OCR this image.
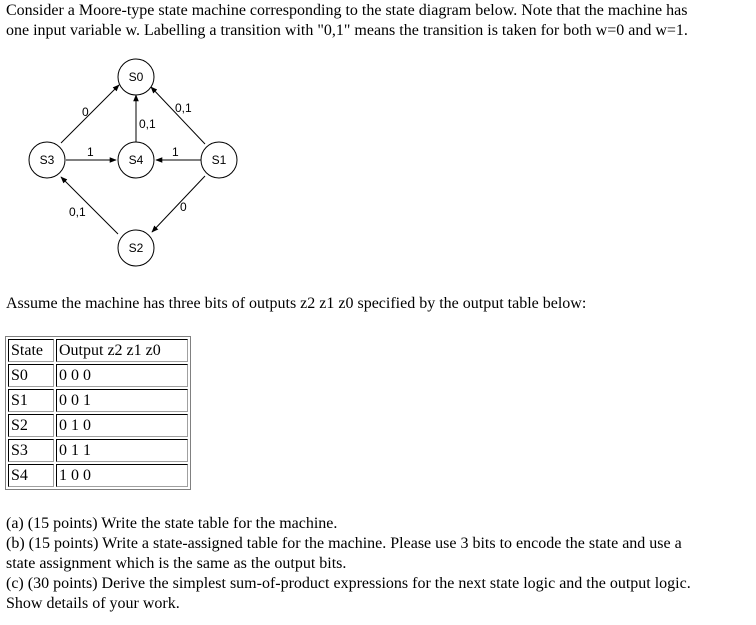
Consider a Moore-type state machine corresponding to the state diagram below. Note that the machine has
one input variable w. Labelling a transition with "0,1" means the transition is taken for both w=0 and w=1.

0
0,1
0,1
1	1
0,1	0
S0
S3	S4	S1
S2

Assume the machine has three bits of outputs z2 z1 z0 specified by the output table below:

State	Output z2 z1 z0
S0	0 0 0
S1	0 0 1
S2	0 1 0
S3	0 1 1
S4	1 0 0

(a) (15 points) Write the state table for the machine.
(b) (15 points) Write a state-assigned table for the machine. Please use 3 bits to encode the state and use a
state assignment which is the same as the output bits.
(c) (30 points) Derive the simplest sum-of-product expressions for the next state logic and the output logic.
Show details of your work.
